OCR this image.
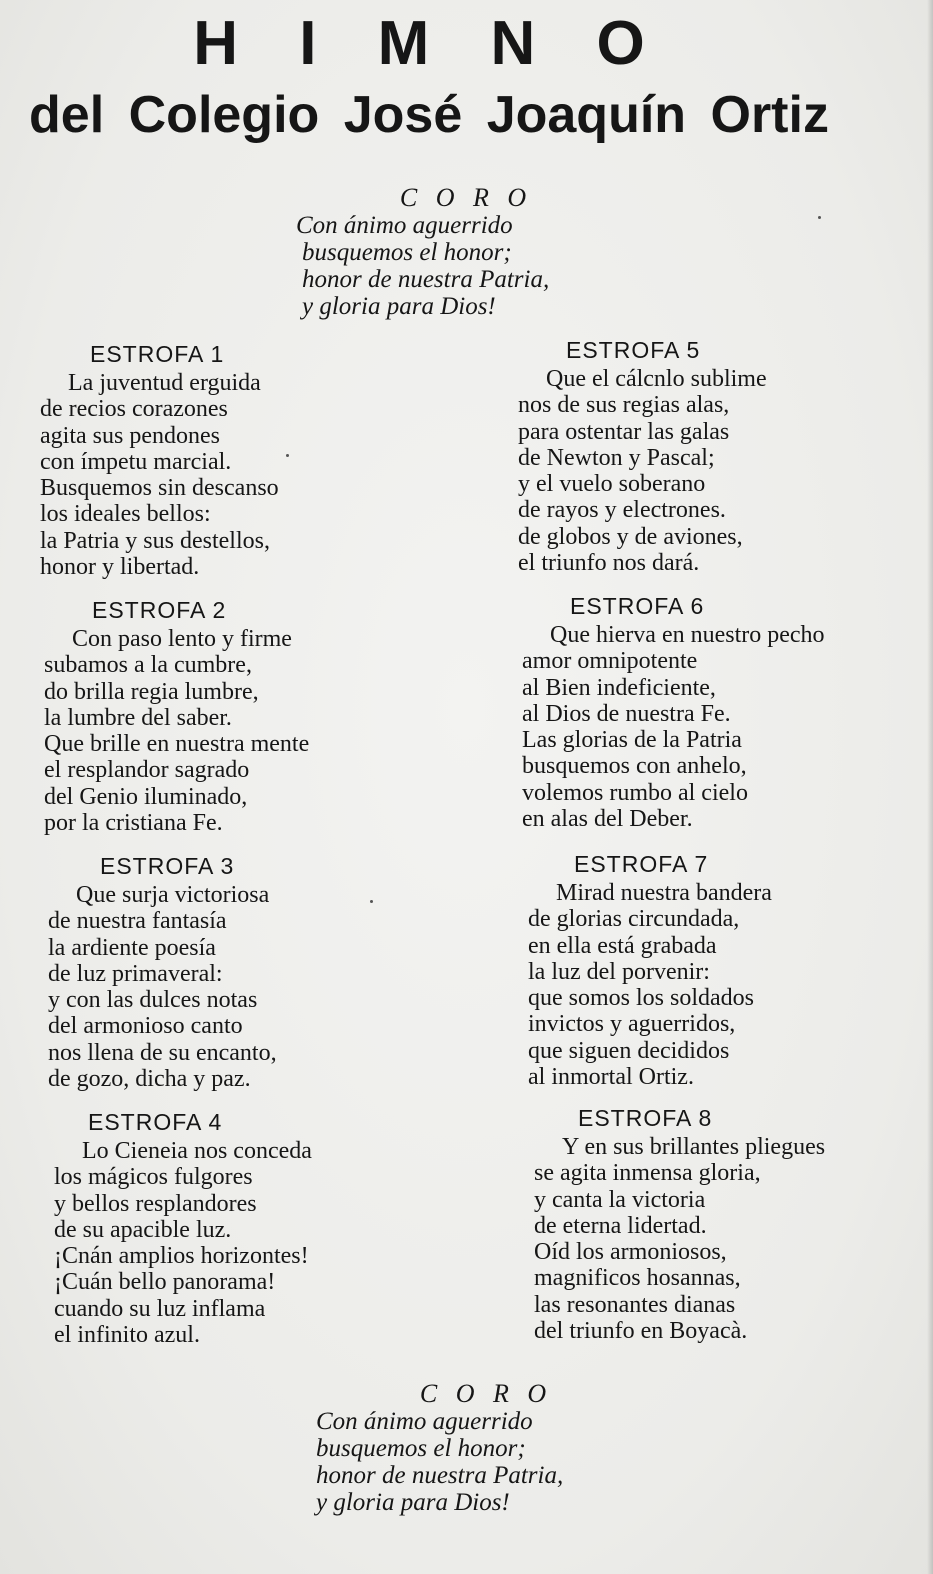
H I M N O
del Colegio José Joaquín Ortiz
C O R O
Con ánimo aguerrido
busquemos el honor;
honor de nuestra Patria,
y gloria para Dios!
ESTROFA 1
La juventud erguida
de recios corazones
agita sus pendones
con ímpetu marcial.
Busquemos sin descanso
los ideales bellos:
la Patria y sus destellos,
honor y libertad.
ESTROFA 2
Con paso lento y firme
subamos a la cumbre,
do brilla regia lumbre,
la lumbre del saber.
Que brille en nuestra mente
el resplandor sagrado
del Genio iluminado,
por la cristiana Fe.
ESTROFA 3
Que surja victoriosa
de nuestra fantasía
la ardiente poesía
de luz primaveral:
y con las dulces notas
del armonioso canto
nos llena de su encanto,
de gozo, dicha y paz.
ESTROFA 4
Lo Cieneia nos conceda
los mágicos fulgores
y bellos resplandores
de su apacible luz.
¡Cnán amplios horizontes!
¡Cuán bello panorama!
cuando su luz inflama
el infinito azul.
ESTROFA 5
Que el cálcnlo sublime
nos de sus regias alas,
para ostentar las galas
de Newton y Pascal;
y el vuelo soberano
de rayos y electrones.
de globos y de aviones,
el triunfo nos dará.
ESTROFA 6
Que hierva en nuestro pecho
amor omnipotente
al Bien indeficiente,
al Dios de nuestra Fe.
Las glorias de la Patria
busquemos con anhelo,
volemos rumbo al cielo
en alas del Deber.
ESTROFA 7
Mirad nuestra bandera
de glorias circundada,
en ella está grabada
la luz del porvenir:
que somos los soldados
invictos y aguerridos,
que siguen decididos
al inmortal Ortiz.
ESTROFA 8
Y en sus brillantes pliegues
se agita inmensa gloria,
y canta la victoria
de eterna lidertad.
Oíd los armoniosos,
magnificos hosannas,
las resonantes dianas
del triunfo en Boyacà.
C O R O
Con ánimo aguerrido
busquemos el honor;
honor de nuestra Patria,
y gloria para Dios!
